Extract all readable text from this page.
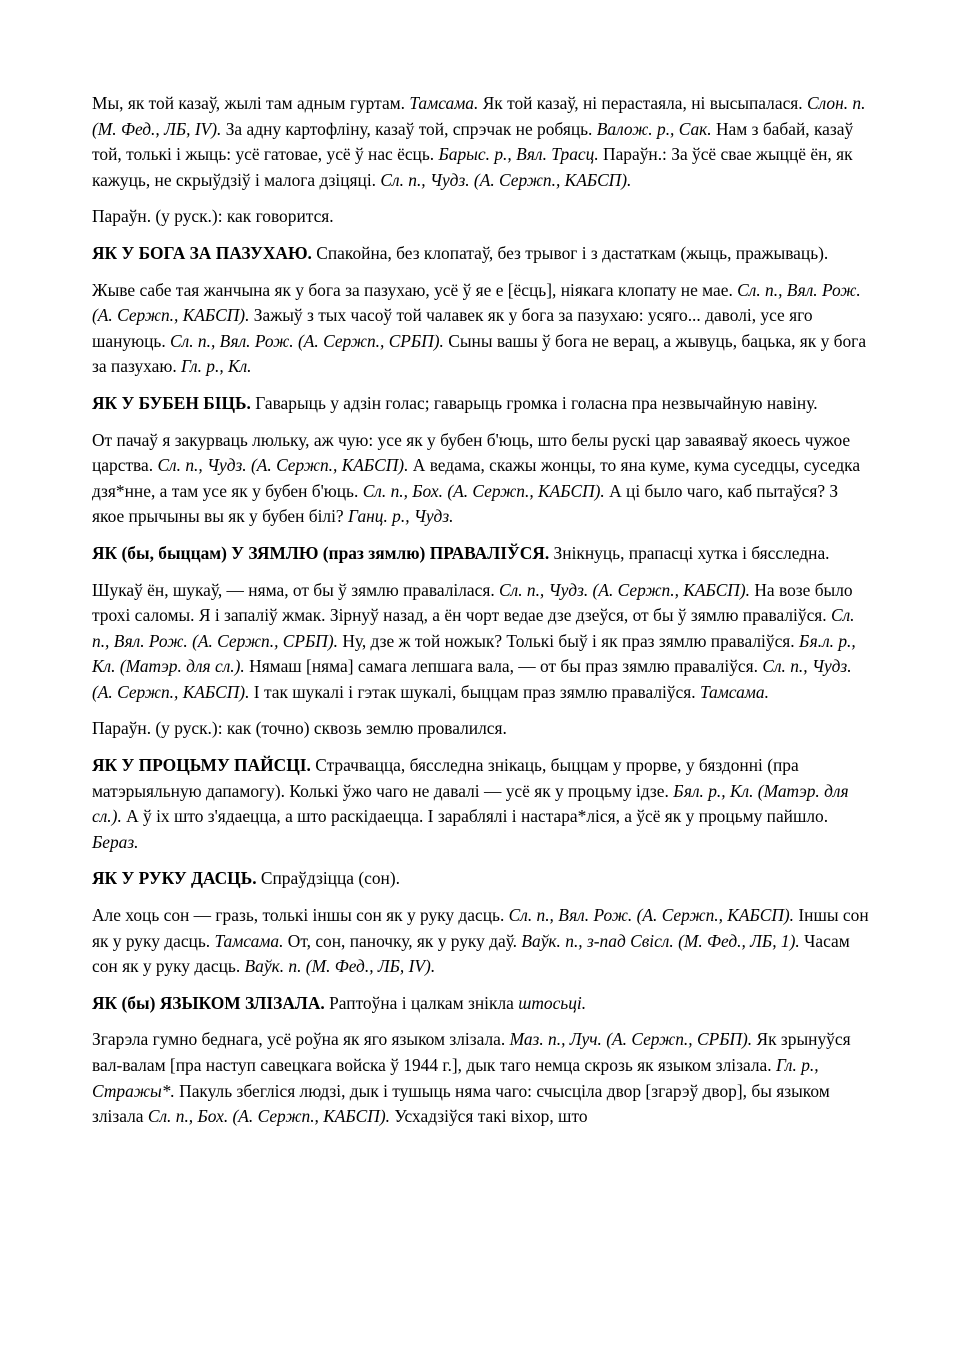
Мы, як той казаў, жылі там адным гуртам. Тамсама. Як той казаў, ні перастаяла, ні высыпалася. Слон. п. (М. Фед., ЛБ, IV). За адну картофліну, казаў той, спрэчак не робяць. Валож. р., Сак. Нам з бабай, казаў той, толькі і жыць: усё гатовае, усё ў нас ёсць. Барыс. р., Вял. Трасц. Параўн.: За ўсё свае жыццё ён, як кажуць, не скрыўдзіў і малога дзіцяці. Сл. п., Чудз. (А. Сержп., КАБСП).

Параўн. (у руск.): как говорится.

ЯК У БОГА ЗА ПАЗУХАЮ. Спакойна, без клопатаў, без трывог і з дастаткам (жыць, пражываць).

Жыве сабе тая жанчына як у бога за пазухаю, усё ў яе е [ёсць], ніякага клопату не мае. Сл. п., Вял. Рож. (А. Сержп., КАБСП). Зажыў з тых часоў той чалавек як у бога за пазухаю: усяго... даволі, усе яго шануюць. Сл. п., Вял. Рож. (А. Сержп., СРБП). Сыны вашы ў бога не верац, а жывуць, бацька, як у бога за пазухаю. Гл. р., Кл.

ЯК У БУБЕН БІЦЬ. Гаварыць у адзін голас; гаварыць громка і голасна пра незвычайную навіну.

От пачаў я закурваць люльку, аж чую: усе як у бубен б'юць, што белы рускі цар заваяваў якоесь чужое царства. Сл. п., Чудз. (А. Сержп., КАБСП). А ведама, скажы жонцы, то яна куме, кума суседцы, суседка дзя*нне, а там усе як у бубен б'юць. Сл. п., Бох. (А. Сержп., КАБСП). А ці было чаго, каб пытаўся? З якое прычыны вы як у бубен білі? Ганц. р., Чудз.

ЯК (бы, быццам) У ЗЯМЛЮ (праз зямлю) ПРАВАЛІЎСЯ. Знікнуць, прапасці хутка і бясследна.

Шукаў ён, шукаў, — няма, от бы ў зямлю правалілася. Сл. п., Чудз. (А. Сержп., КАБСП). На возе было трохі саломы. Я і запаліў жмак. Зірнуў назад, а ён чорт ведае дзе дзеўся, от бы ў зямлю праваліўся. Сл. п., Вял. Рож. (А. Сержп., СРБП). Ну, дзе ж той ножык? Толькі быў і як праз зямлю праваліўся. Бя.л. р., Кл. (Матэр. для сл.). Нямаш [няма] самага лепшага вала, — от бы праз зямлю праваліўся. Сл. п., Чудз. (А. Сержп., КАБСП). І так шукалі і гэтак шукалі, быццам праз зямлю праваліўся. Тамсама.

Параўн. (у руск.): как (точно) сквозь землю провалился.

ЯК У ПРОЦЬМУ ПАЙСЦІ. Страчвацца, бясследна знікаць, быццам у прорве, у бяздонні (пра матэрыяльную дапамогу). Колькі ўжо чаго не давалі — усё як у процьму ідзе. Бял. р., Кл. (Матэр. для сл.). А ў іх што з'ядаецца, а што раскідаецца. І зараблялі і настара*ліся, а ўсё як у процьму пайшло. Бераз.

ЯК У РУКУ ДАСЦЬ. Спраўдзіцца (сон).

Але хоць сон — гразь, толькі іншы сон як у руку дасць. Сл. п., Вял. Рож. (А. Сержп., КАБСП). Іншы сон як у руку дасць. Тамсама. От, сон, паночку, як у руку даў. Ваўк. п., з-пад Свісл. (М. Фед., ЛБ, 1). Часам сон як у руку дасць. Ваўк. п. (М. Фед., ЛБ, IV).

ЯК (бы) ЯЗЫКОМ ЗЛІЗАЛА. Раптоўна і цалкам знікла штосьці.

Згарэла гумно беднага, усё роўна як яго языком злізала. Маз. п., Луч. (А. Сержп., СРБП). Як зрынуўся вал-валам [пра наступ савецкага войска ў 1944 г.], дык таго немца скрозь як языком злізала. Гл. р., Стражы*. Пакуль збегліся людзі, дык і тушыць няма чаго: счысціла двор [згарэў двор], бы языком злізала Сл. п., Бох. (А. Сержп., КАБСП). Усхадзіўся такі віхор, што
